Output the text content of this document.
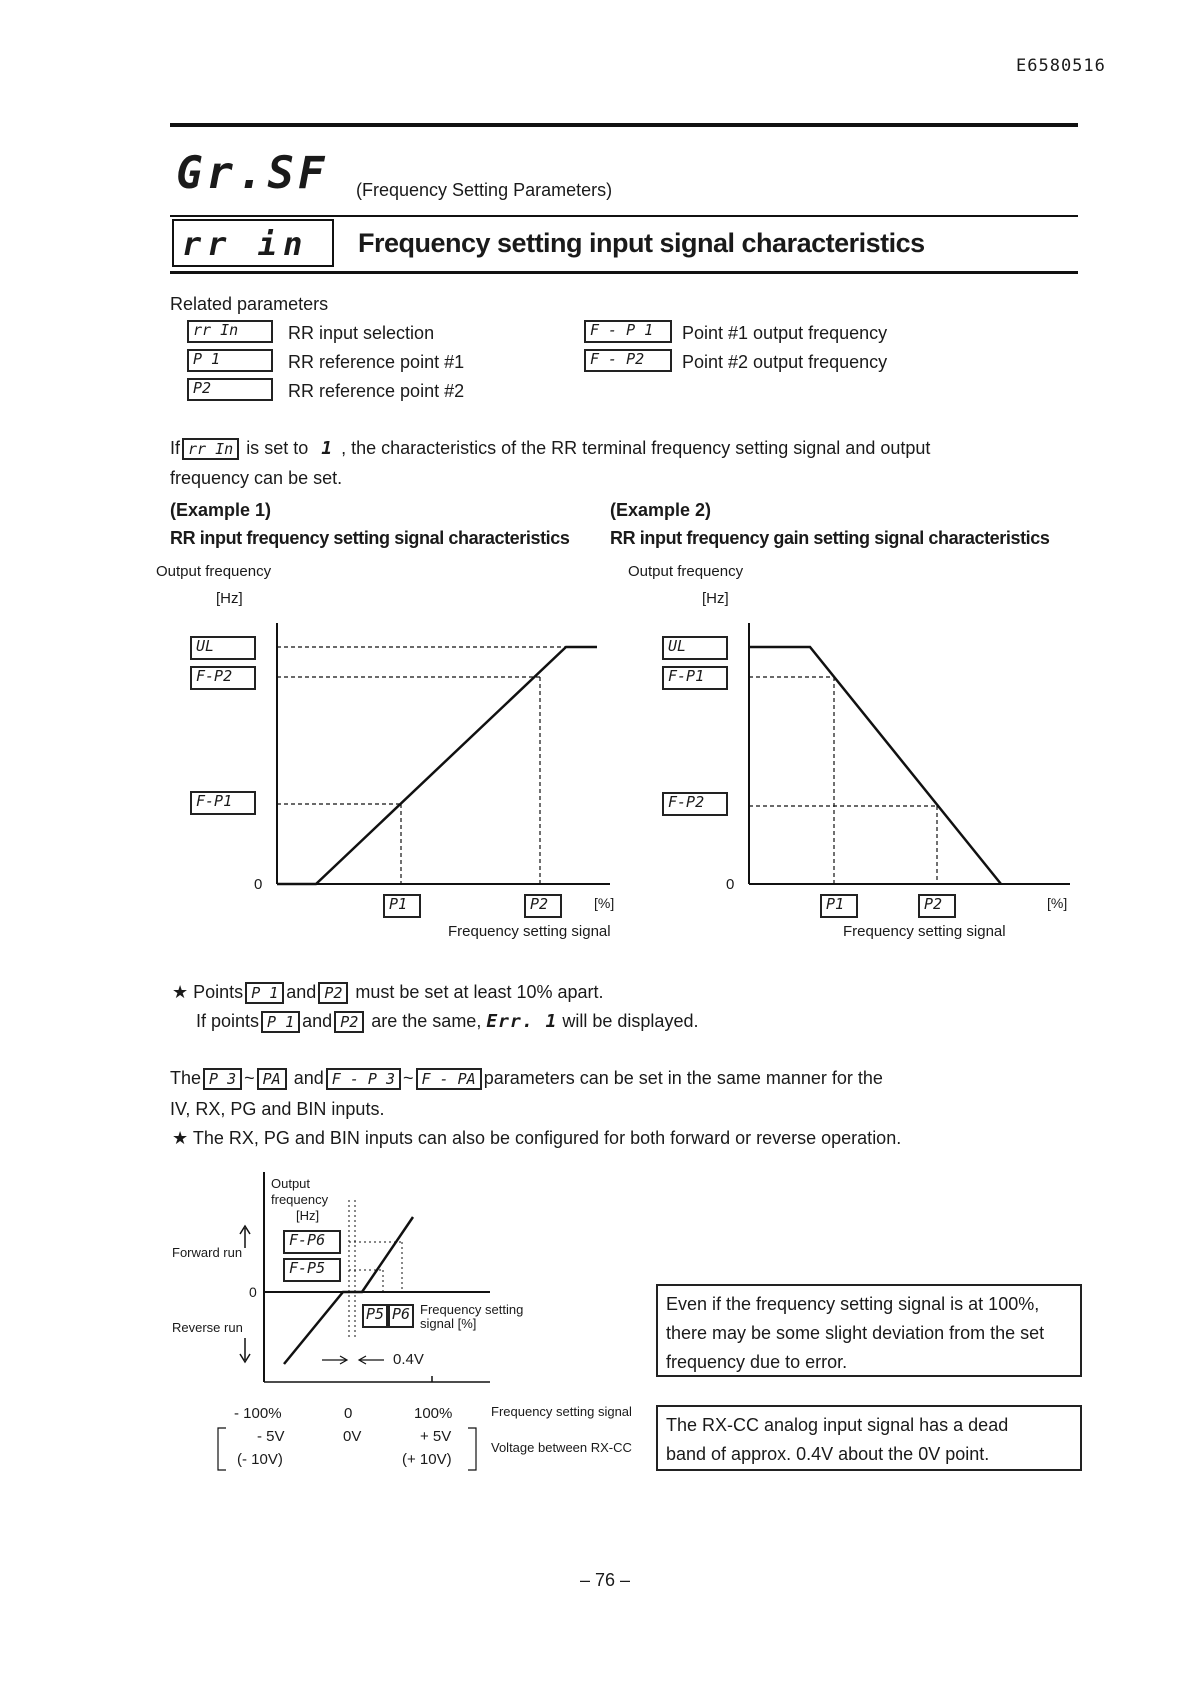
E6580516
Gr.SF (Frequency Setting Parameters)
rr in Frequency setting input signal characteristics
Related parameters
rr In	RR input selection
P 1	RR reference point #1
P2	RR reference point #2
F - P 1	Point #1 output frequency
F - P2	Point #2 output frequency
If rr In is set to 1 , the characteristics of the RR terminal frequency setting signal and output
frequency can be set.
(Example 1)
RR input frequency setting signal characteristics
(Example 2)
RR input frequency gain setting signal characteristics
Output frequency
[Hz]
UL
F-P2
F-P1
0
P1	P2	[%]
Frequency setting signal
Output frequency
[Hz]
UL
F-P1
F-P2
0
P1	P2	[%]
Frequency setting signal
★ Points P 1 and P2 must be set at least 10% apart.
If points P 1 and P2 are the same, Err. 1 will be displayed.
The P 3 ~ PA and F - P 3 ~ F - PA parameters can be set in the same manner for the
IV, RX, PG and BIN inputs.
★ The RX, PG and BIN inputs can also be configured for both forward or reverse operation.
Output
frequency
[Hz]
Forward run
Reverse run
0
F-P6
F-P5
P5 P6 Frequency setting
signal [%]
0.4V
- 100%	0	100%
- 5V	0V	+ 5V
(- 10V)	(+ 10V)
Frequency setting signal
Voltage between RX-CC
Even if the frequency setting signal is at 100%,
there may be some slight deviation from the set
frequency due to error.
The RX-CC analog input signal has a dead
band of approx. 0.4V about the 0V point.
– 76 –
